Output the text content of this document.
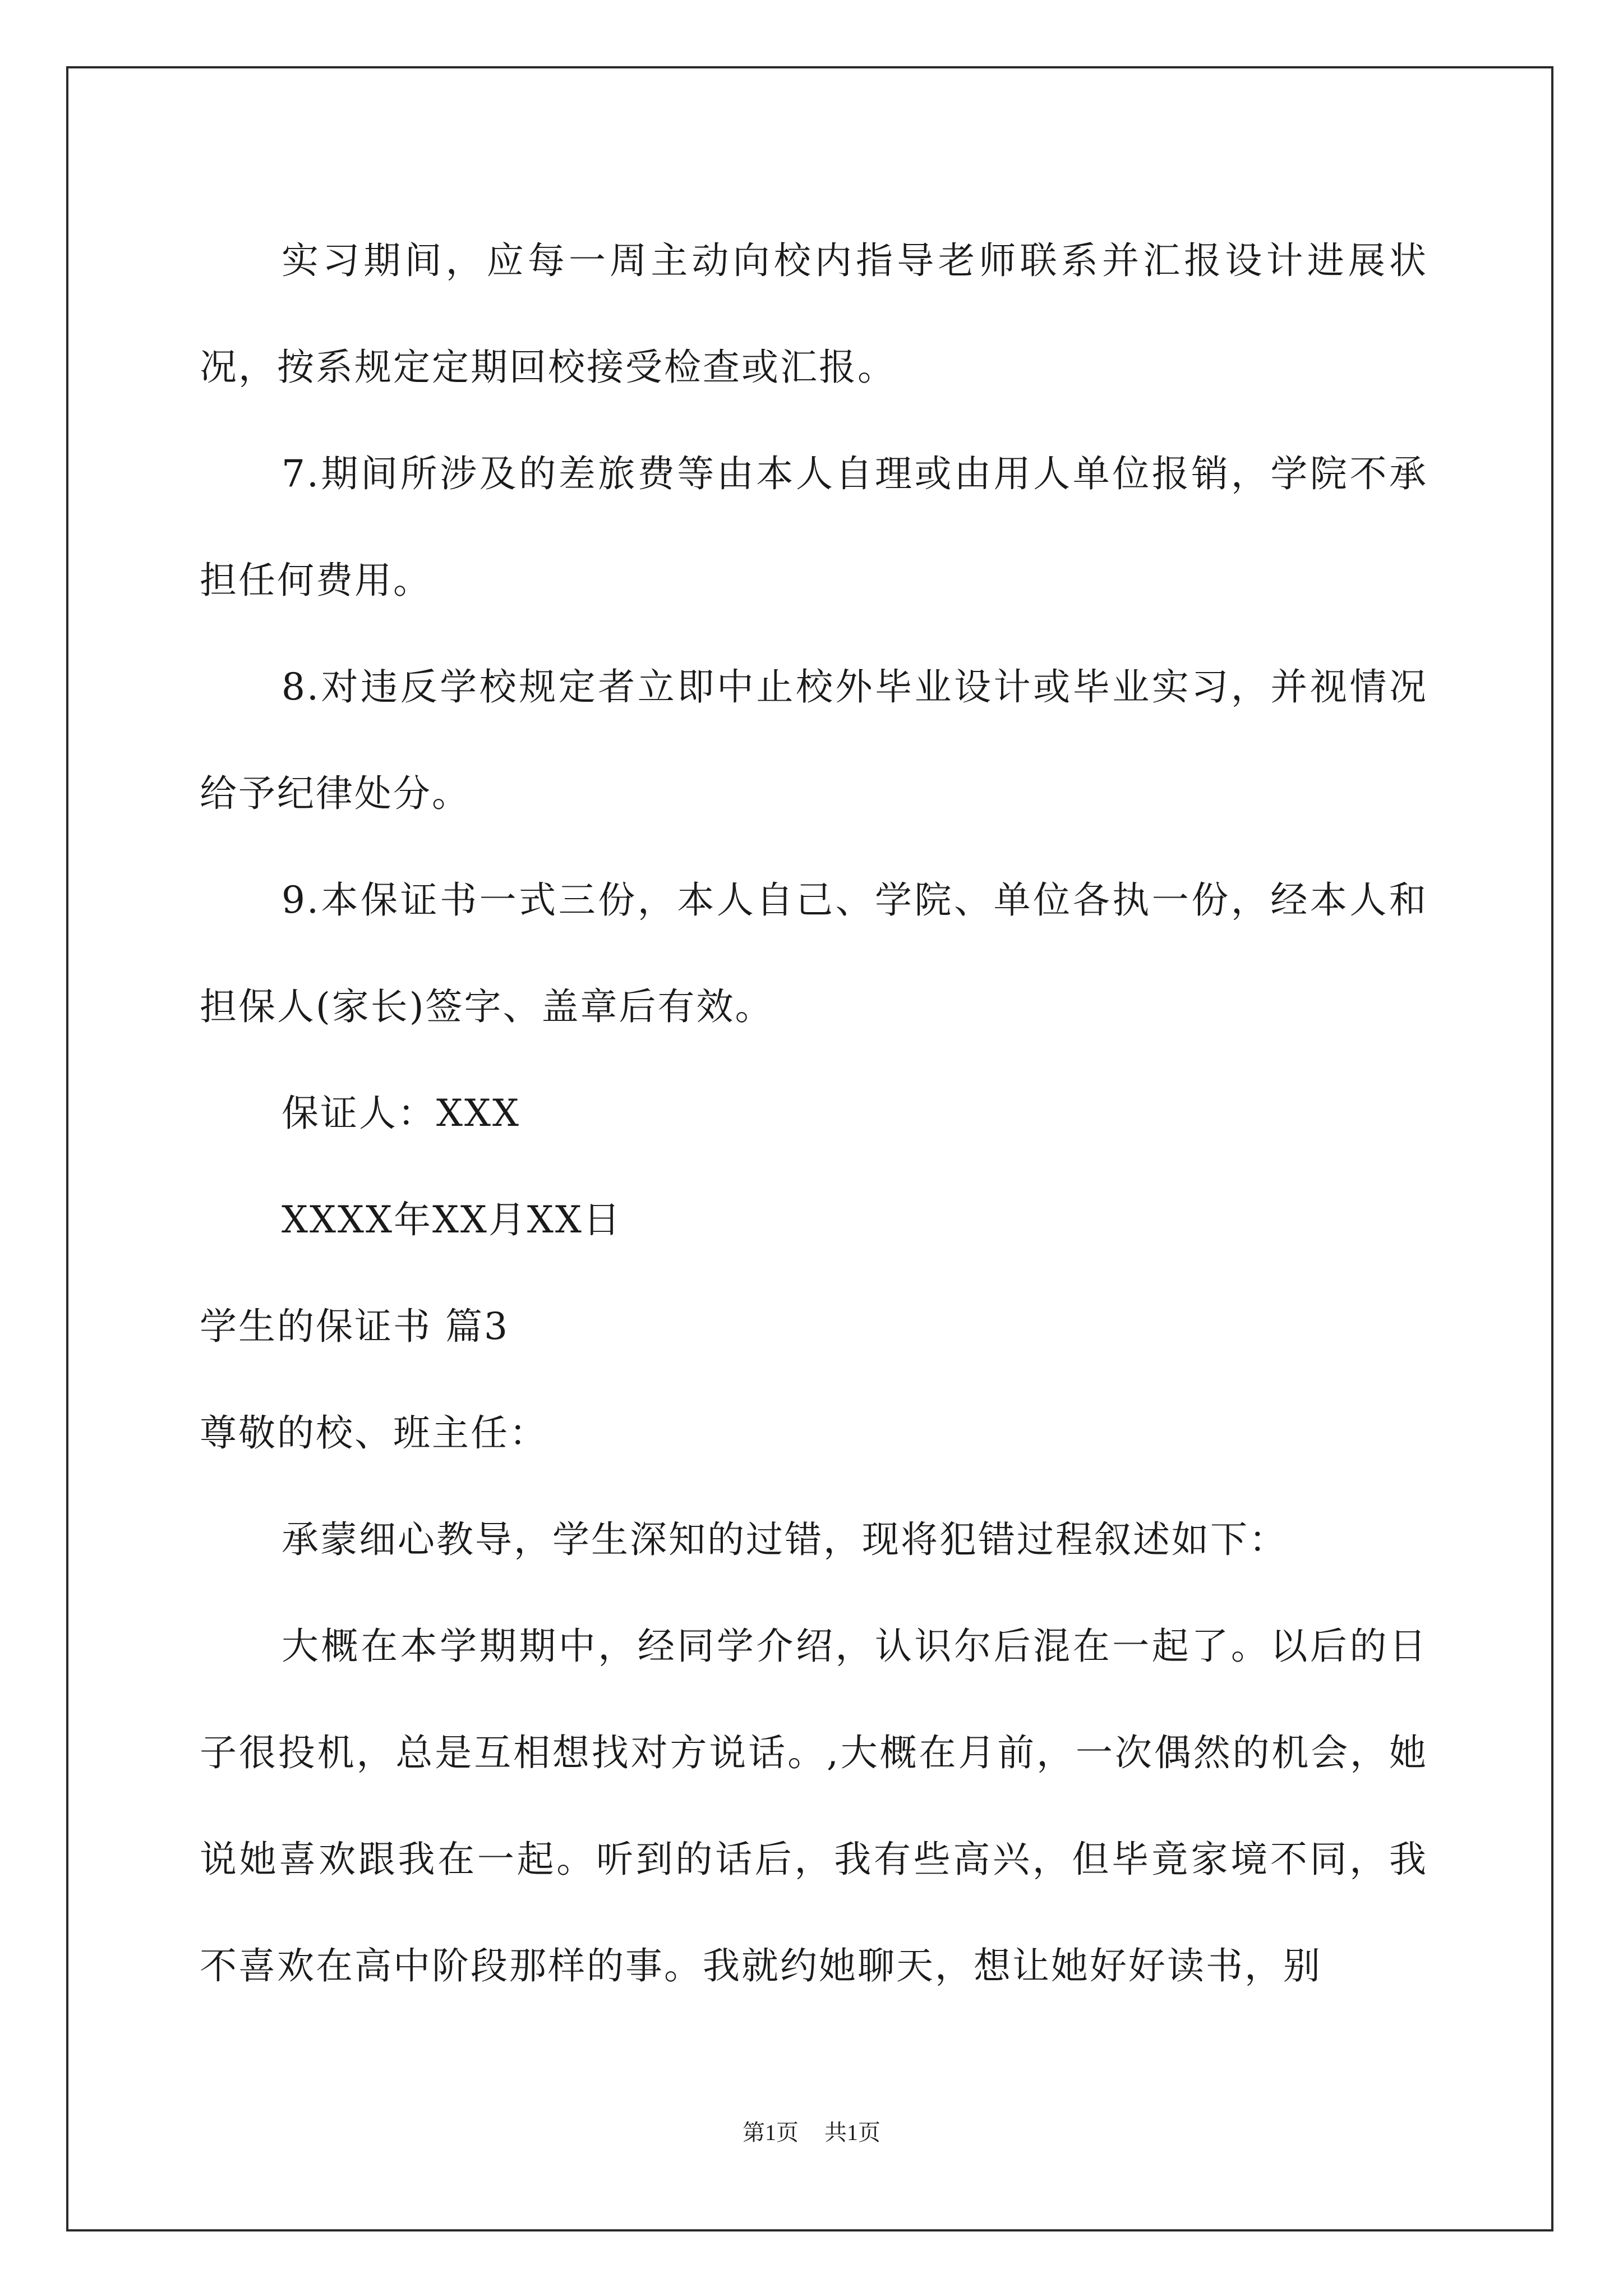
实习期间，应每一周主动向校内指导老师联系并汇报设计进展状况，按系规定定期回校接受检查或汇报。

7.期间所涉及的差旅费等由本人自理或由用人单位报销，学院不承担任何费用。

8.对违反学校规定者立即中止校外毕业设计或毕业实习，并视情况给予纪律处分。

9.本保证书一式三份，本人自己、学院、单位各执一份，经本人和担保人(家长)签字、盖章后有效。

保证人：XXX

XXXX年XX月XX日

学生的保证书 篇3

尊敬的校、班主任：

承蒙细心教导，学生深知的过错，现将犯错过程叙述如下：

大概在本学期期中，经同学介绍，认识尔后混在一起了。以后的日子很投机，总是互相想找对方说话。,大概在月前，一次偶然的机会，她说她喜欢跟我在一起。听到的话后，我有些高兴，但毕竟家境不同，我不喜欢在高中阶段那样的事。我就约她聊天，想让她好好读书，别

第1页 共1页
